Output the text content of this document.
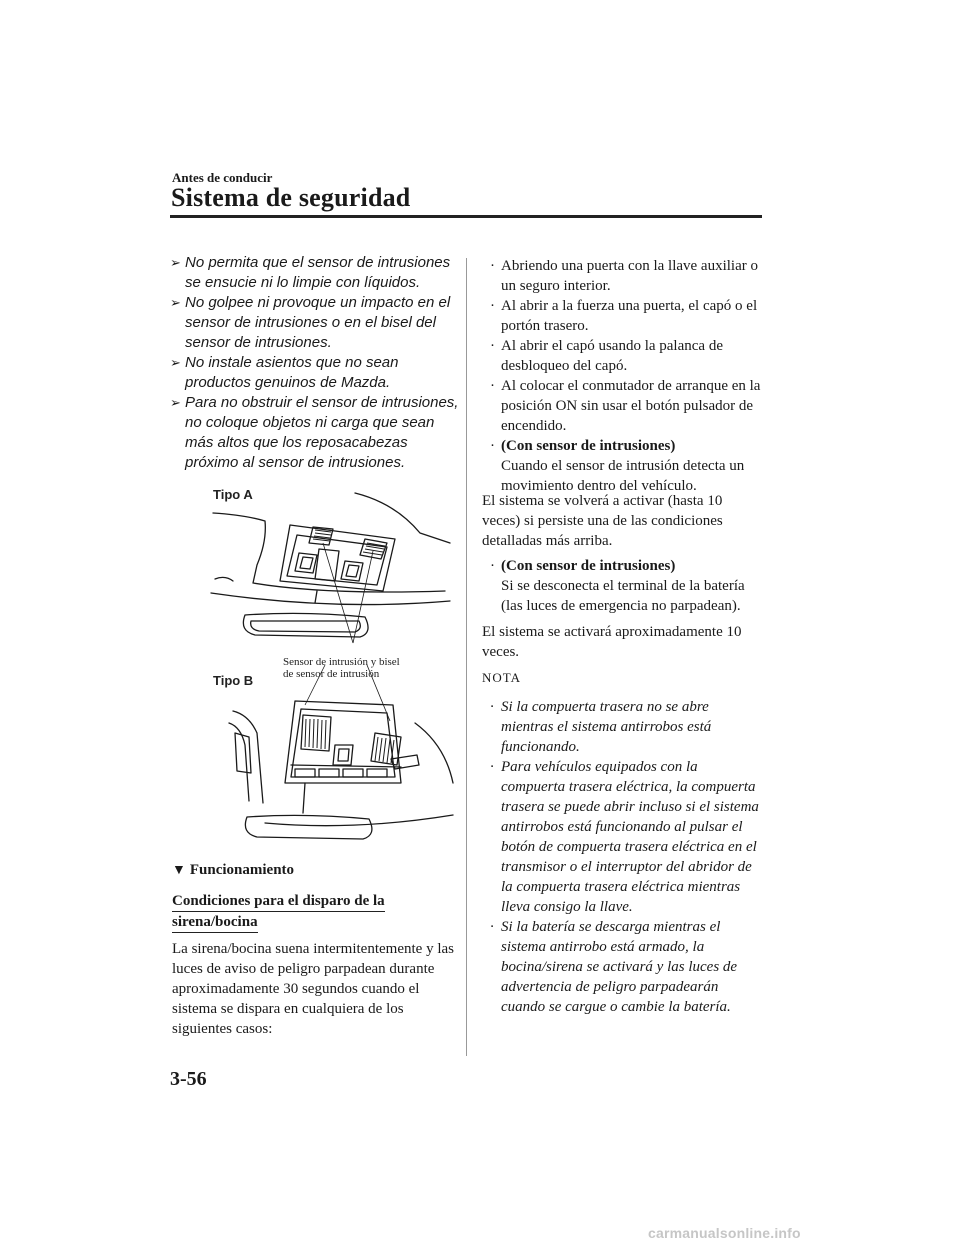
Antes de conducir
Sistema de seguridad
➢ No permita que el sensor de intrusiones se ensucie ni lo limpie con líquidos.
➢ No golpee ni provoque un impacto en el sensor de intrusiones o en el bisel del sensor de intrusiones.
➢ No instale asientos que no sean productos genuinos de Mazda.
➢ Para no obstruir el sensor de intrusiones, no coloque objetos ni carga que sean más altos que los reposacabezas próximo al sensor de intrusiones.
Tipo A
Sensor de intrusión y bisel
de sensor de intrusión
Tipo B
▼ Funcionamiento
Condiciones para el disparo de la
sirena/bocina
La sirena/bocina suena intermitentemente y las luces de aviso de peligro parpadean durante aproximadamente 30 segundos cuando el sistema se dispara en cualquiera de los siguientes casos:
· Abriendo una puerta con la llave auxiliar o un seguro interior.
· Al abrir a la fuerza una puerta, el capó o el portón trasero.
· Al abrir el capó usando la palanca de desbloqueo del capó.
· Al colocar el conmutador de arranque en la posición ON sin usar el botón pulsador de encendido.
· (Con sensor de intrusiones)
Cuando el sensor de intrusión detecta un movimiento dentro del vehículo.
El sistema se volverá a activar (hasta 10 veces) si persiste una de las condiciones detalladas más arriba.
· (Con sensor de intrusiones)
Si se desconecta el terminal de la batería (las luces de emergencia no parpadean).
El sistema se activará aproximadamente 10 veces.
NOTA
· Si la compuerta trasera no se abre mientras el sistema antirrobos está funcionando.
· Para vehículos equipados con la compuerta trasera eléctrica, la compuerta trasera se puede abrir incluso si el sistema antirrobos está funcionando al pulsar el botón de compuerta trasera eléctrica en el transmisor o el interruptor del abridor de la compuerta trasera eléctrica mientras lleva consigo la llave.
· Si la batería se descarga mientras el sistema antirrobo está armado, la bocina/sirena se activará y las luces de advertencia de peligro parpadearán cuando se cargue o cambie la batería.
3-56
carmanualsonline.info
